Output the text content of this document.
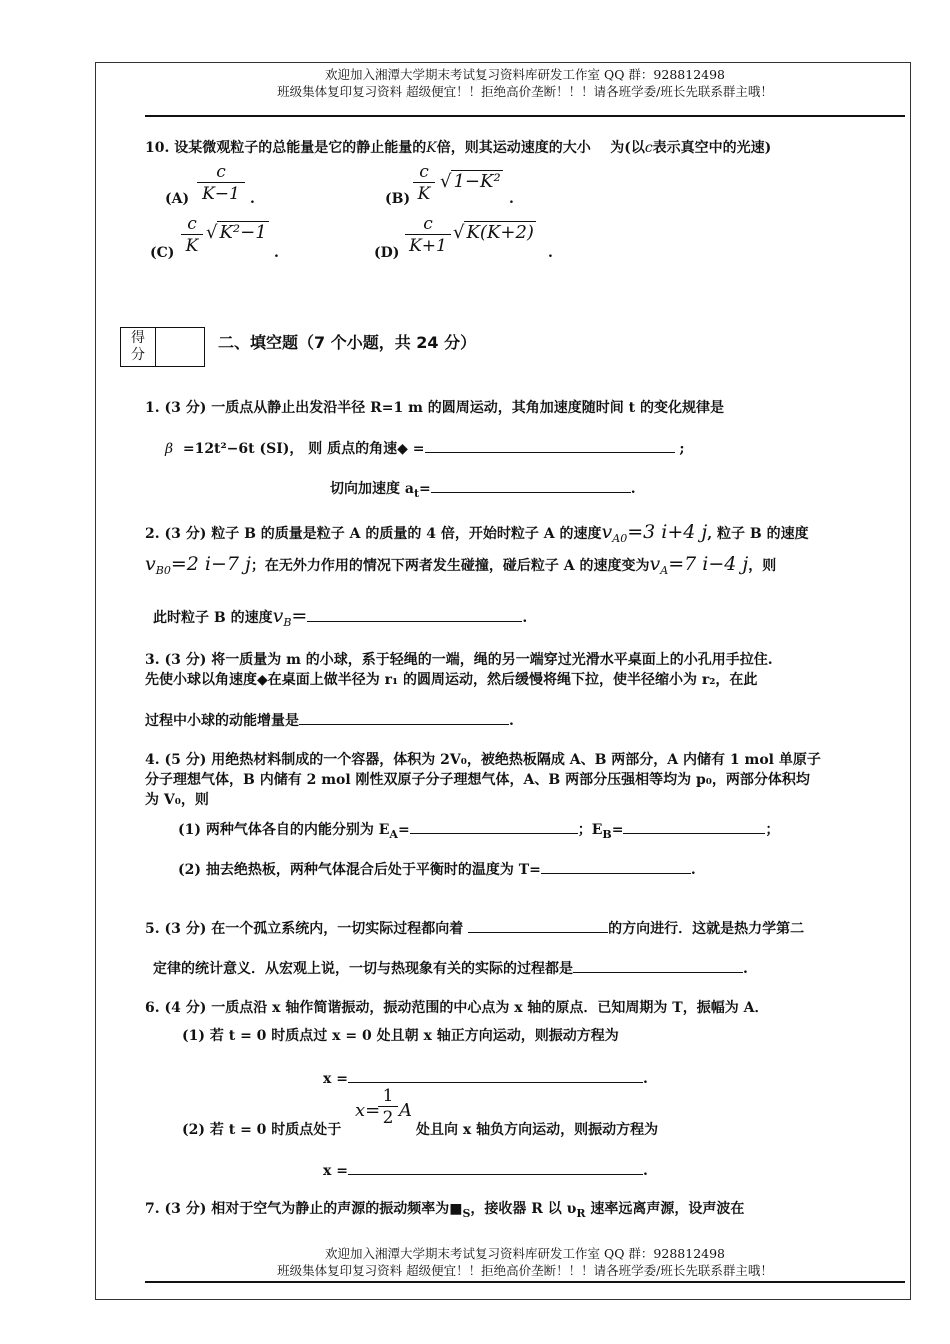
欢迎加入湘潭大学期末考试复习资料库研发工作室 QQ 群：928812498
班级集体复印复习资料 超级便宜！！拒绝高价垄断！！！请各班学委/班长先联系群主哦！
10. 设某微观粒子的总能量是它的静止能量的K倍，则其运动速度的大小 为(以c表示真空中的光速)
$(A) \frac{c}{K-1}$ .	$(B) \frac{c}{K}$ √ 1−K²
.
$(C) \frac{c}{K}$ √ K²−1
.	$(D) \frac{c}{K+1}$ √ K(K+2)
.
得
分

二、填空题（7 个小题，共 24 分）
1. (3 分) 一质点从静止出发沿半径 R=1 m 的圆周运动，其角加速度随时间 t 的变化规律是
β =12t²−6t (SI)， 则 质点的角速◆ =	;
切向加速度 $a_t=$	.
2. (3 分) 粒子 B 的质量是粒子 A 的质量的 4 倍，开始时粒子 A 的速度$v_{A0}=3$ i+4 j, 粒子 B 的速度
$v_{B0}=2$ i−7 j；在无外力作用的情况下两者发生碰撞，碰后粒子 A 的速度变为$v_A=7$ i−4 j，则
此时粒子 B 的速度$v_B=$	.
3. (3 分) 将一质量为 m 的小球，系于轻绳的一端，绳的另一端穿过光滑水平桌面上的小孔用手拉住.
先使小球以角速度◆在桌面上做半径为 r₁ 的圆周运动，然后缓慢将绳下拉，使半径缩小为 r₂，在此
过程中小球的动能增量是	.
4. (5 分) 用绝热材料制成的一个容器，体积为 2V₀，被绝热板隔成 A、B 两部分，A 内储有 1 mol 单原子
分子理想气体，B 内储有 2 mol 刚性双原子分子理想气体，A、B 两部分压强相等均为 p₀，两部分体积均
为 V₀，则
(1) 两种气体各自的内能分别为 $E_A=$	；$E_B=$	；
(2) 抽去绝热板，两种气体混合后处于平衡时的温度为 T=	.
5. (3 分) 在一个孤立系统内，一切实际过程都向着	的方向进行．这就是热力学第二
定律的统计意义．从宏观上说，一切与热现象有关的实际的过程都是	.
6. (4 分) 一质点沿 x 轴作简谐振动，振动范围的中心点为 x 轴的原点．已知周期为 T，振幅为 A．
(1) 若 t = 0 时质点过 x = 0 处且朝 x 轴正方向运动，则振动方程为
x =	.
(2) 若 t = 0 时质点处于
x=
$\frac{1}{2}$ A
处且向 x 轴负方向运动，则振动方程为
x =	.
7. (3 分) 相对于空气为静止的声源的振动频率为$■_S$，接收器 R 以 $\upsilon_R$ 速率远离声源，设声波在
欢迎加入湘潭大学期末考试复习资料库研发工作室 QQ 群：928812498
班级集体复印复习资料 超级便宜！！拒绝高价垄断！！！请各班学委/班长先联系群主哦！
